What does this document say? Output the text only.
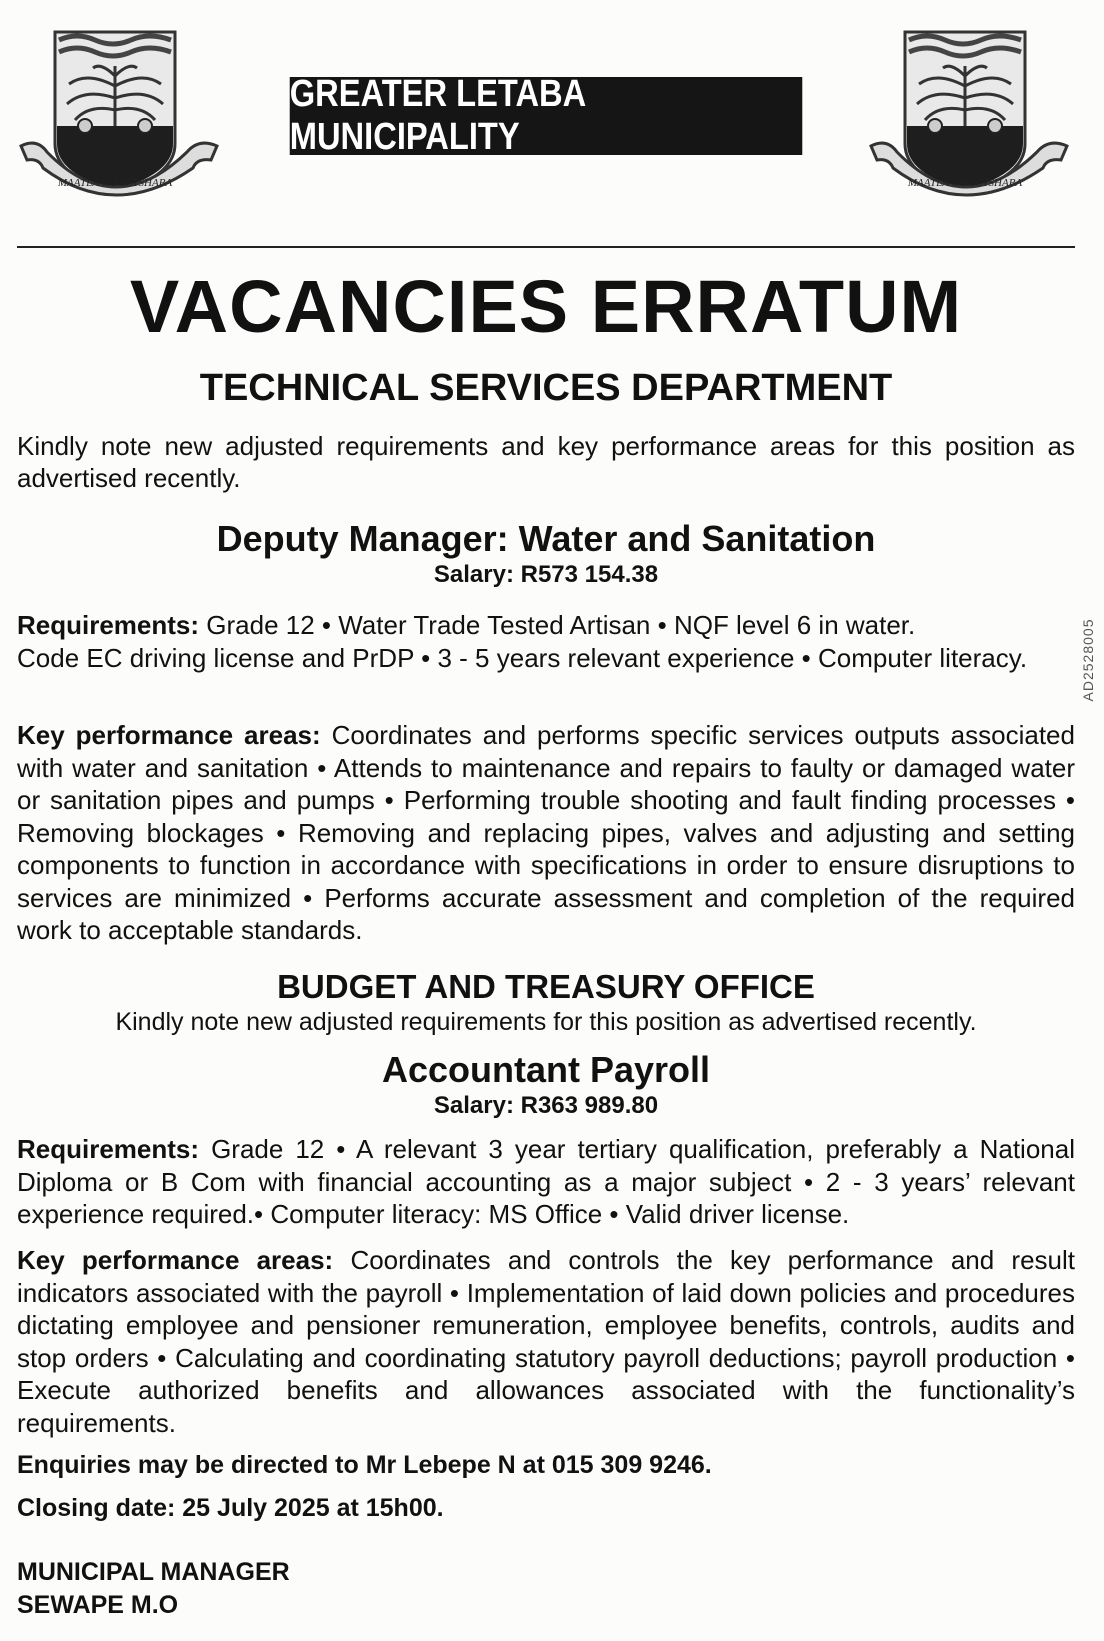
MAATLA GO SETSHABA
GREATER LETABA MUNICIPALITY
MAATLA GO SETSHABA
VACANCIES ERRATUM
TECHNICAL SERVICES DEPARTMENT
Kindly note new adjusted requirements and key performance areas for this position as advertised recently.
Deputy Manager: Water and Sanitation
Salary: R573 154.38
Requirements: Grade 12 • Water Trade Tested Artisan • NQF level 6 in water.
Code EC driving license and PrDP • 3 - 5 years relevant experience • Computer literacy.
Key performance areas: Coordinates and performs specific services outputs associated with water and sanitation • Attends to maintenance and repairs to faulty or damaged water or sanitation pipes and pumps • Performing trouble shooting and fault finding processes • Removing blockages • Removing and replacing pipes, valves and adjusting and setting components to function in accordance with specifications in order to ensure disruptions to services are minimized • Performs accurate assessment and completion of the required work to acceptable standards.
BUDGET AND TREASURY OFFICE
Kindly note new adjusted requirements for this position as advertised recently.
Accountant Payroll
Salary: R363 989.80
Requirements: Grade 12 • A relevant 3 year tertiary qualification, preferably a National Diploma or B Com with financial accounting as a major subject • 2 - 3 years’ relevant experience required.• Computer literacy: MS Office • Valid driver license.
Key performance areas: Coordinates and controls the key performance and result indicators associated with the payroll • Implementation of laid down policies and procedures dictating employee and pensioner remuneration, employee benefits, controls, audits and stop orders • Calculating and coordinating statutory payroll deductions; payroll production • Execute authorized benefits and allowances associated with the functionality’s requirements.
Enquiries may be directed to Mr Lebepe N at 015 309 9246.
Closing date: 25 July 2025 at 15h00.
MUNICIPAL MANAGER
SEWAPE M.O
AD2528005
